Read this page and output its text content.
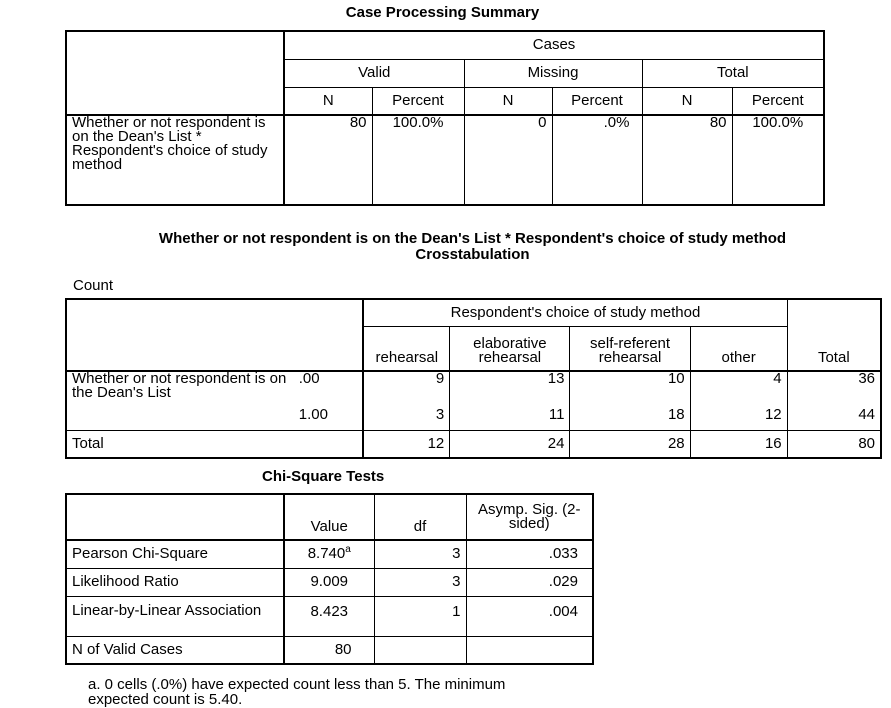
Case Processing Summary
	Cases					
	Valid		Missing		Total	
	N	Percent	N	Percent	N	Percent
Whether or not respondent is on the Dean's List * Respondent's choice of study method	80	100.0%	0	.0%	80	100.0%
Whether or not respondent is on the Dean's List * Respondent's choice of study method
Crosstabulation
Count
		Respondent's choice of study method				Total
		rehearsal	elaborative rehearsal	self-referent rehearsal	other	
Whether or not respondent is on the Dean's List	.00	9	13	10	4	36
	1.00	3	11	18	12	44
Total		12	24	28	16	80
Chi-Square Tests
	Value	df	Asymp. Sig. (2-sided)
Pearson Chi-Square	8.740$^a$	3	.033
Likelihood Ratio	9.009	3	.029
Linear-by-Linear Association	8.423	1	.004
N of Valid Cases	80		
a. 0 cells (.0%) have expected count less than 5. The minimum expected count is 5.40.
